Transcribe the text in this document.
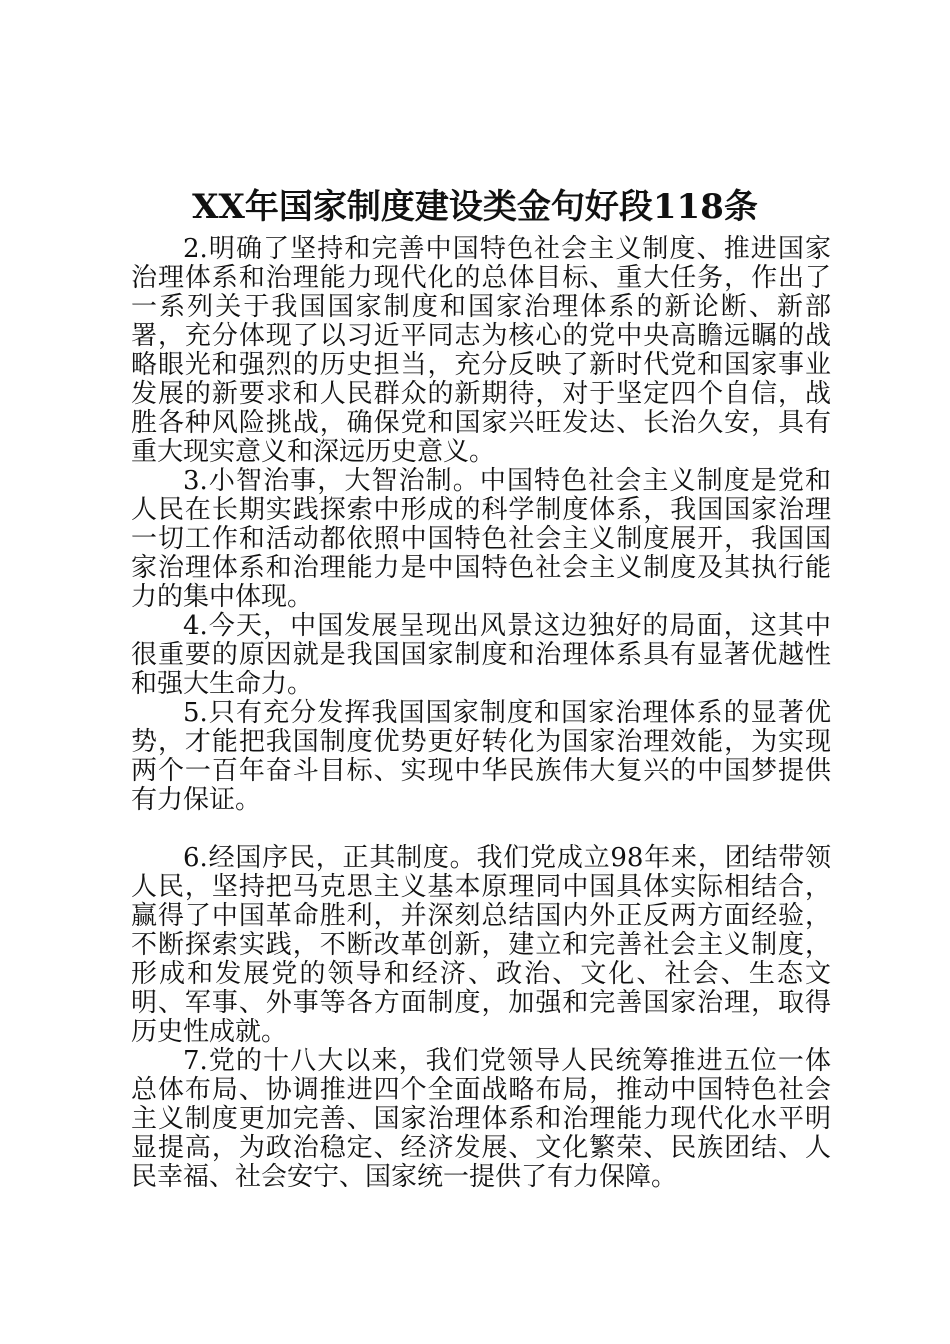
XX年国家制度建设类金句好段118条

2.明确了坚持和完善中国特色社会主义制度、推进国家治理体系和治理能力现代化的总体目标、重大任务，作出了一系列关于我国国家制度和国家治理体系的新论断、新部署，充分体现了以习近平同志为核心的党中央高瞻远瞩的战略眼光和强烈的历史担当，充分反映了新时代党和国家事业发展的新要求和人民群众的新期待，对于坚定四个自信，战胜各种风险挑战，确保党和国家兴旺发达、长治久安，具有重大现实意义和深远历史意义。

3.小智治事，大智治制。中国特色社会主义制度是党和人民在长期实践探索中形成的科学制度体系，我国国家治理一切工作和活动都依照中国特色社会主义制度展开，我国国家治理体系和治理能力是中国特色社会主义制度及其执行能力的集中体现。

4.今天，中国发展呈现出风景这边独好的局面，这其中很重要的原因就是我国国家制度和治理体系具有显著优越性和强大生命力。

5.只有充分发挥我国国家制度和国家治理体系的显著优势，才能把我国制度优势更好转化为国家治理效能，为实现两个一百年奋斗目标、实现中华民族伟大复兴的中国梦提供有力保证。

6.经国序民，正其制度。我们党成立98年来，团结带领人民，坚持把马克思主义基本原理同中国具体实际相结合，赢得了中国革命胜利，并深刻总结国内外正反两方面经验，不断探索实践，不断改革创新，建立和完善社会主义制度，形成和发展党的领导和经济、政治、文化、社会、生态文明、军事、外事等各方面制度，加强和完善国家治理，取得历史性成就。

7.党的十八大以来，我们党领导人民统筹推进五位一体总体布局、协调推进四个全面战略布局，推动中国特色社会主义制度更加完善、国家治理体系和治理能力现代化水平明显提高，为政治稳定、经济发展、文化繁荣、民族团结、人民幸福、社会安宁、国家统一提供了有力保障。
